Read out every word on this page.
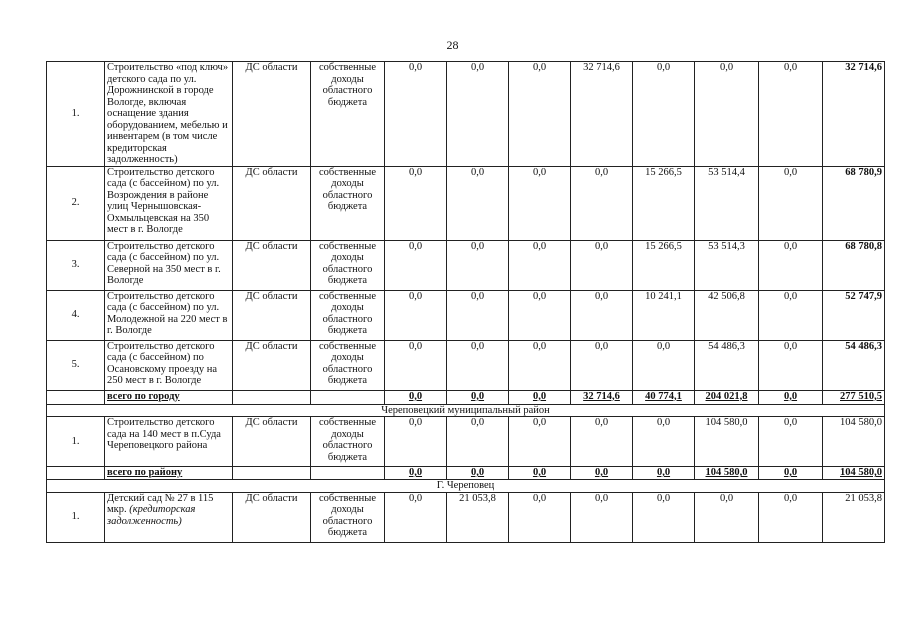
28
1.	Строительство «под ключ» детского сада по ул. Дорожнинской в городе Вологде, включая оснащение здания оборудованием, мебелью и инвентарем (в том числе кредиторская задолженность)	ДС области	собственные доходы областного бюджета	0,0	0,0	0,0	32 714,6	0,0	0,0	0,0	32 714,6
2.	Строительство детского сада (с бассейном) по ул. Возрождения в районе улиц Чернышовская-Охмыльцевская на 350 мест в г. Вологде	ДС области	собственные доходы областного бюджета	0,0	0,0	0,0	0,0	15 266,5	53 514,4	0,0	68 780,9
3.	Строительство детского сада (с бассейном) по ул. Северной на 350 мест в г. Вологде	ДС области	собственные доходы областного бюджета	0,0	0,0	0,0	0,0	15 266,5	53 514,3	0,0	68 780,8
4.	Строительство детского сада (с бассейном) по ул. Молодежной на 220 мест в г. Вологде	ДС области	собственные доходы областного бюджета	0,0	0,0	0,0	0,0	10 241,1	42 506,8	0,0	52 747,9
5.	Строительство детского сада (с бассейном) по Осановскому проезду на 250 мест в г. Вологде	ДС области	собственные доходы областного бюджета	0,0	0,0	0,0	0,0	0,0	54 486,3	0,0	54 486,3
	всего по городу			0,0	0,0	0,0	32 714,6	40 774,1	204 021,8	0,0	277 510,5
Череповецкий муниципальный район											
1.	Строительство детского сада на 140 мест в п.Суда Череповецкого района	ДС области	собственные доходы областного бюджета	0,0	0,0	0,0	0,0	0,0	104 580,0	0,0	104 580,0
	всего по району			0,0	0,0	0,0	0,0	0,0	104 580,0	0,0	104 580,0
Г. Череповец											
1.	Детский сад № 27 в 115 мкр. (кредиторская задолженность)	ДС области	собственные доходы областного бюджета	0,0	21 053,8	0,0	0,0	0,0	0,0	0,0	21 053,8
